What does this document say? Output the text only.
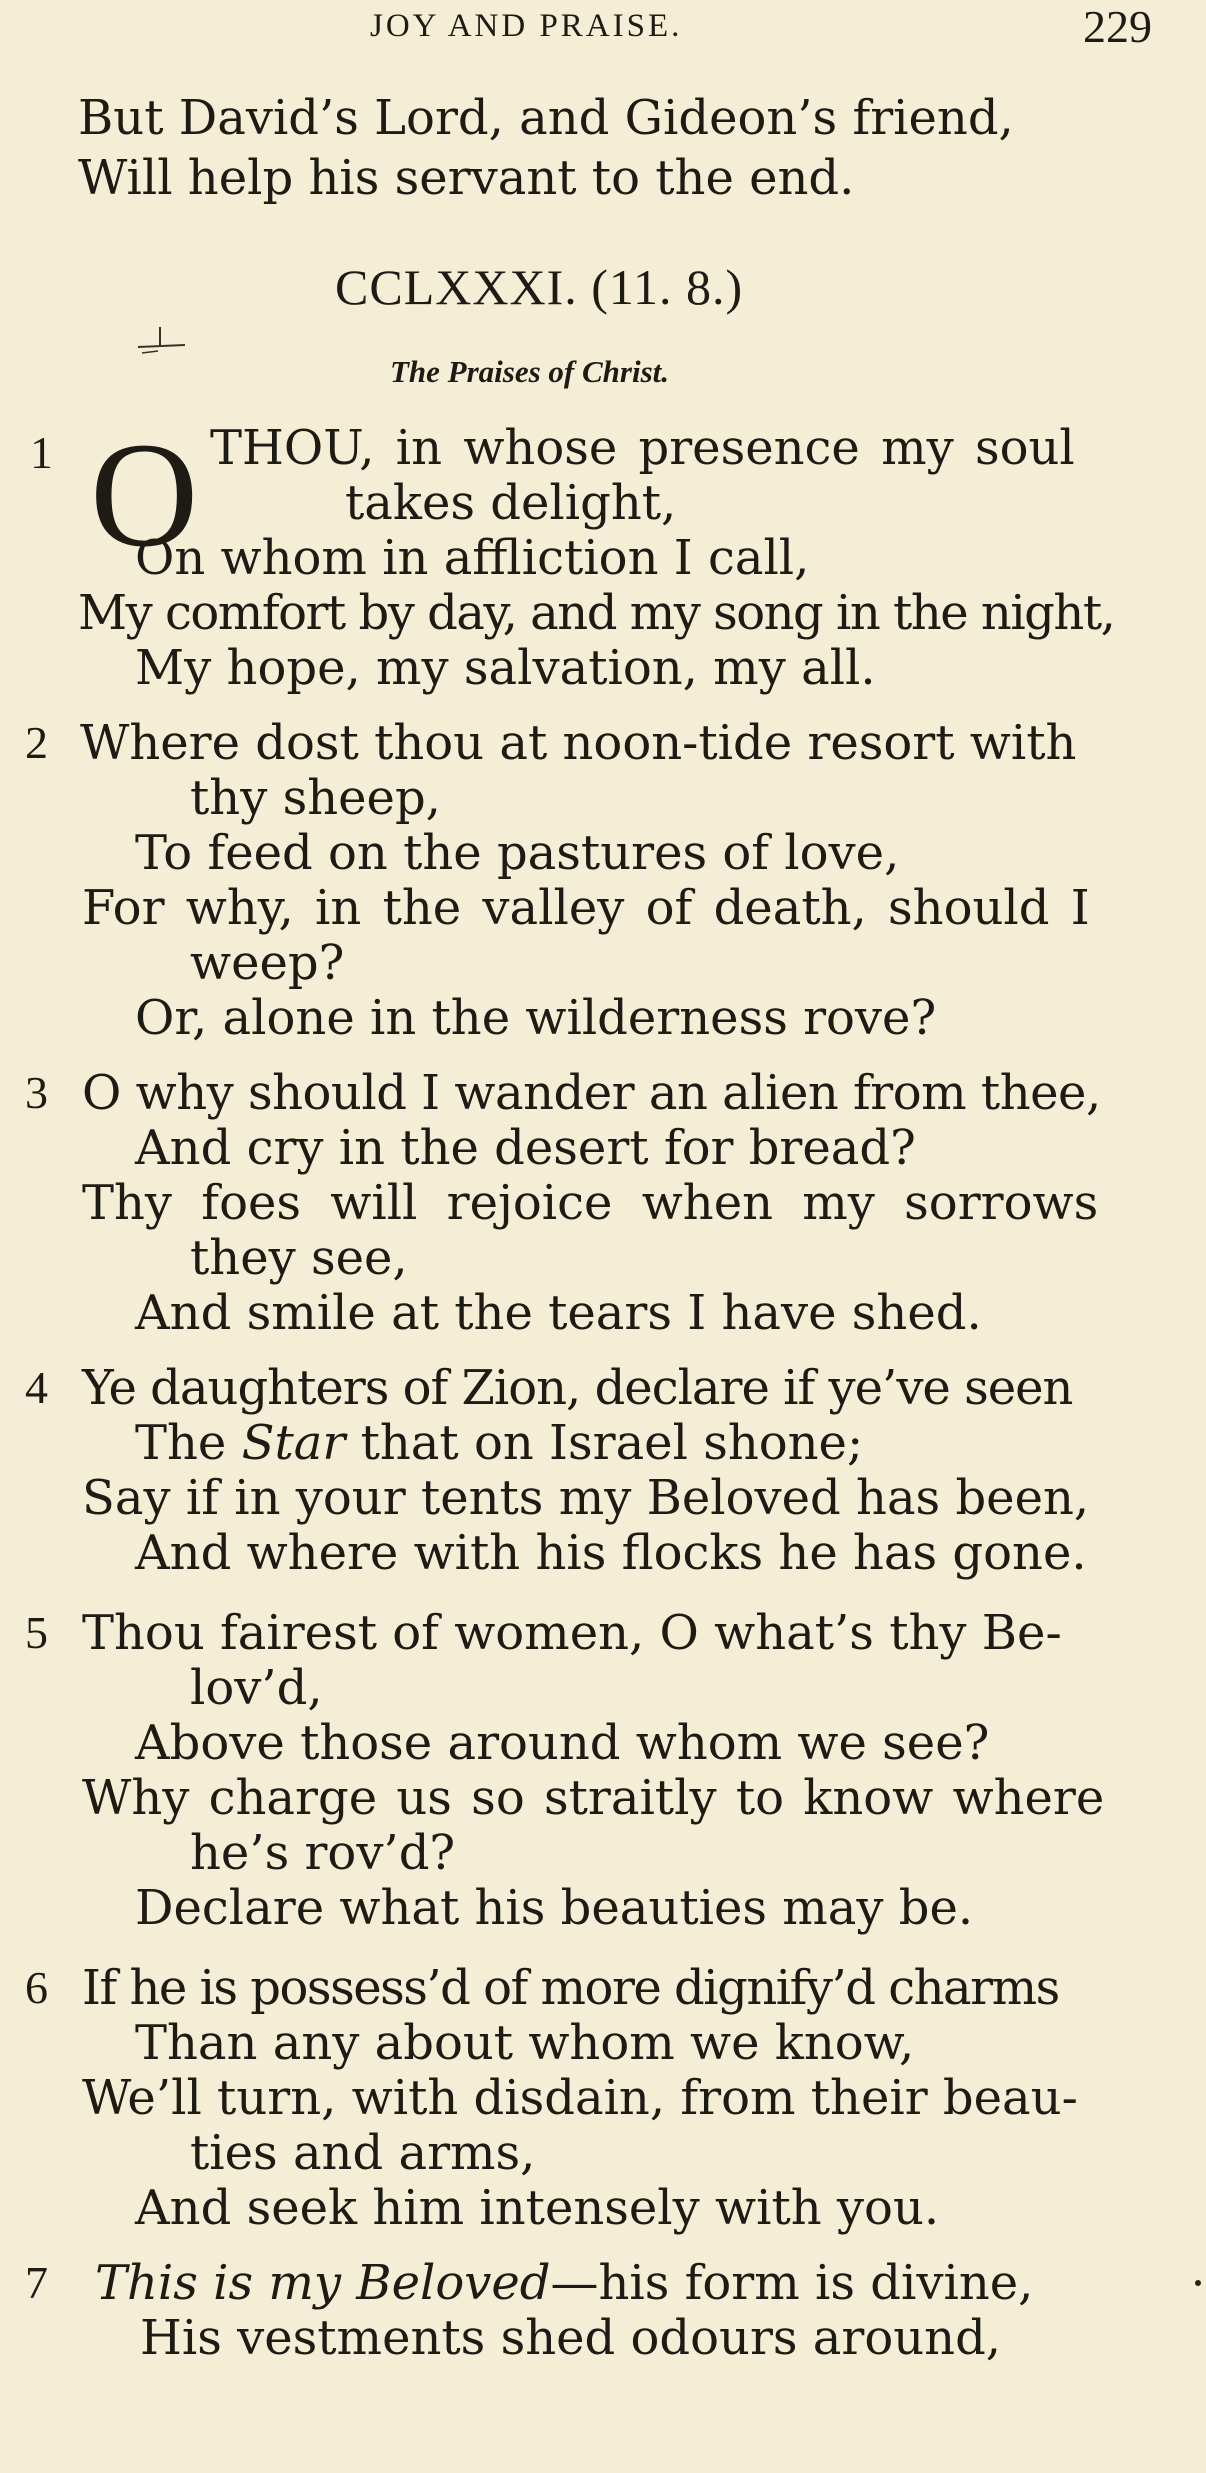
JOY AND PRAISE.	229
But David’s Lord, and Gideon’s friend,
Will help his servant to the end.
CCLXXXI. (11. 8.)
The Praises of Christ.
1 O THOU, in whose presence my soul
takes delight,
On whom in affliction I call,
My comfort by day, and my song in the night,
My hope, my salvation, my all.
2 Where dost thou at noon-tide resort with
thy sheep,
To feed on the pastures of love,
For why, in the valley of death, should I
weep?
Or, alone in the wilderness rove?
3 O why should I wander an alien from thee,
And cry in the desert for bread?
Thy foes will rejoice when my sorrows
they see,
And smile at the tears I have shed.
4 Ye daughters of Zion, declare if ye’ve seen
The Star that on Israel shone;
Say if in your tents my Beloved has been,
And where with his flocks he has gone.
5 Thou fairest of women, O what’s thy Be-
lov’d,
Above those around whom we see?
Why charge us so straitly to know where
he’s rov’d?
Declare what his beauties may be.
6 If he is possess’d of more dignify’d charms
Than any about whom we know,
We’ll turn, with disdain, from their beau-
ties and arms,
And seek him intensely with you.
7 This is my Beloved—his form is divine,
His vestments shed odours around,
